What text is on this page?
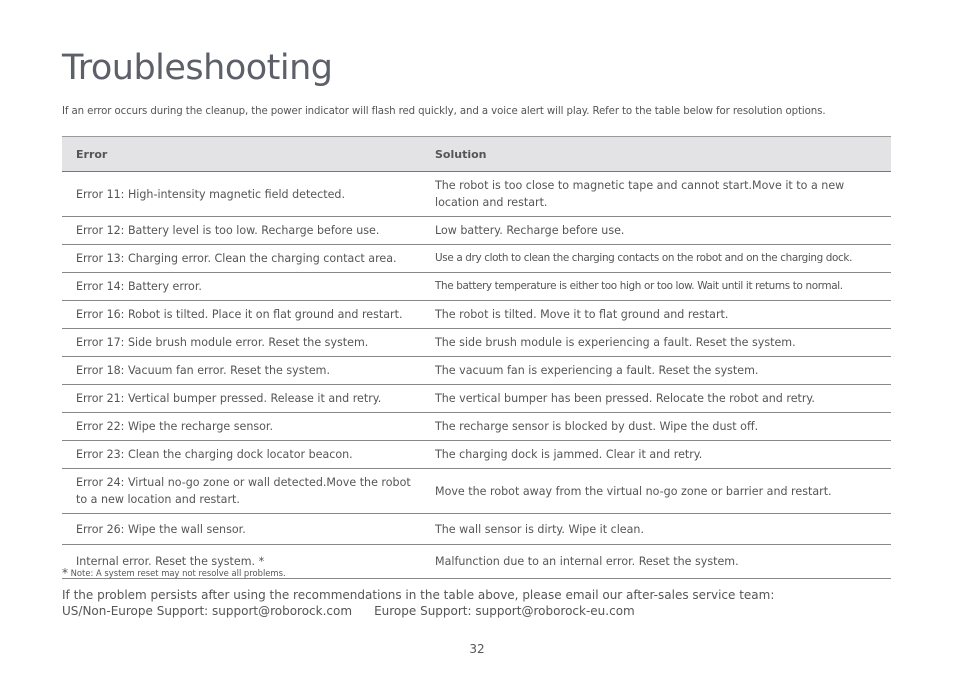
Troubleshooting
If an error occurs during the cleanup, the power indicator will flash red quickly, and a voice alert will play. Refer to the table below for resolution options.
Error	Solution
Error 11: High-intensity magnetic field detected.	The robot is too close to magnetic tape and cannot start.Move it to a new location and restart.
Error 12: Battery level is too low. Recharge before use.	Low battery. Recharge before use.
Error 13: Charging error. Clean the charging contact area.	Use a dry cloth to clean the charging contacts on the robot and on the charging dock.
Error 14: Battery error.	The battery temperature is either too high or too low. Wait until it returns to normal.
Error 16: Robot is tilted. Place it on flat ground and restart.	The robot is tilted. Move it to flat ground and restart.
Error 17: Side brush module error. Reset the system.	The side brush module is experiencing a fault. Reset the system.
Error 18: Vacuum fan error. Reset the system.	The vacuum fan is experiencing a fault. Reset the system.
Error 21: Vertical bumper pressed. Release it and retry.	The vertical bumper has been pressed. Relocate the robot and retry.
Error 22: Wipe the recharge sensor.	The recharge sensor is blocked by dust. Wipe the dust off.
Error 23: Clean the charging dock locator beacon.	The charging dock is jammed. Clear it and retry.
Error 24: Virtual no-go zone or wall detected.Move the robot to a new location and restart.	Move the robot away from the virtual no-go zone or barrier and restart.
Error 26: Wipe the wall sensor.	The wall sensor is dirty. Wipe it clean.
Internal error. Reset the system. *	Malfunction due to an internal error. Reset the system.
* Note: A system reset may not resolve all problems.
If the problem persists after using the recommendations in the table above, please email our after-sales service team:
US/Non-Europe Support: support@roborock.com Europe Support: support@roborock-eu.com
32
